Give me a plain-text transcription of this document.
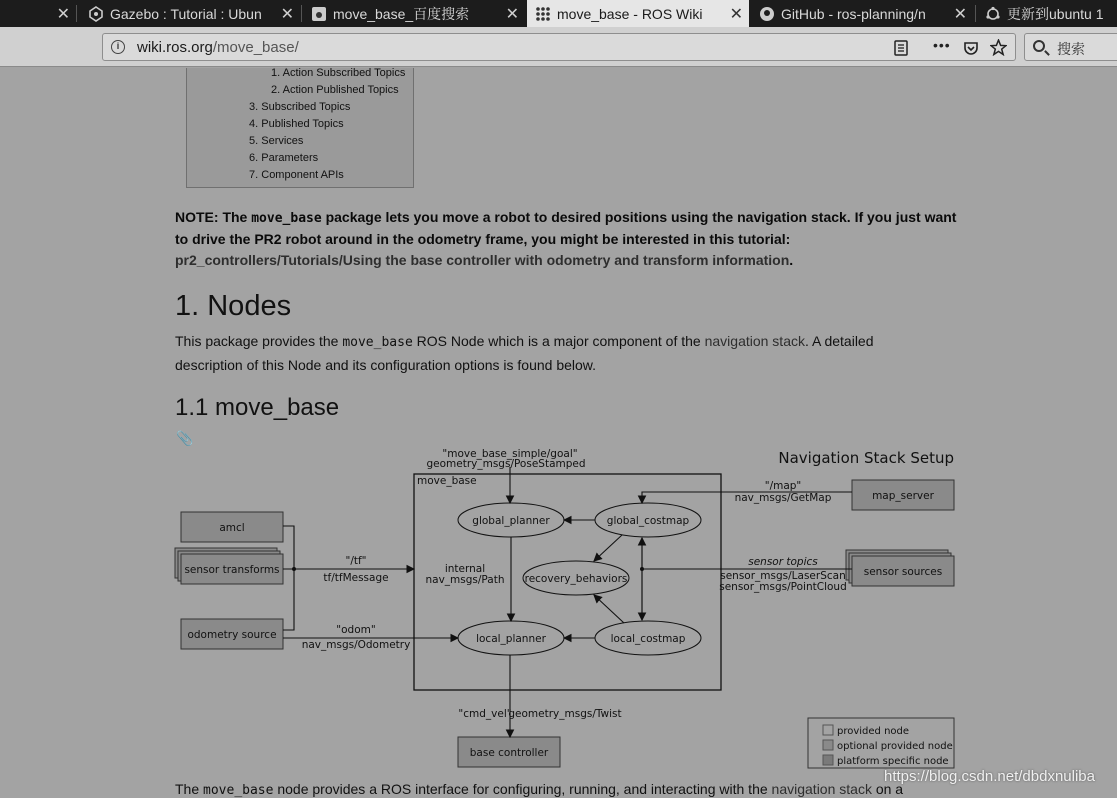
✕	Gazebo : Tutorial : Ubun	✕	move_base_百度搜索	✕	move_base - ROS Wiki	✕	GitHub - ros-planning/n	✕	更新到ubuntu 1
i	wiki.ros.org/move_base/	•••	搜索
1. Action Subscribed Topics
2. Action Published Topics
3. Subscribed Topics
4. Published Topics
5. Services
6. Parameters
7. Component APIs
NOTE: The move_base package lets you move a robot to desired positions using the navigation stack. If you just want to drive the PR2 robot around in the odometry frame, you might be interested in this tutorial: pr2_controllers/Tutorials/Using the base controller with odometry and transform information.
1. Nodes
This package provides the move_base ROS Node which is a major component of the navigation stack. A detailed description of this Node and its configuration options is found below.
1.1 move_base
📎
Navigation Stack Setup
"move_base_simple/goal"
geometry_msgs/PoseStamped
move_base
global_planner	global_costmap
recovery_behaviors
local_planner	local_costmap
internal
nav_msgs/Path
amcl
sensor transforms
odometry source
map_server
sensor sources
base controller
"/tf"
tf/tfMessage
"odom"
nav_msgs/Odometry
"/map"
nav_msgs/GetMap
sensor topics
sensor_msgs/LaserScan
sensor_msgs/PointCloud
"cmd_vel"
geometry_msgs/Twist
provided node
optional provided node
platform specific node
The move_base node provides a ROS interface for configuring, running, and interacting with the navigation stack on a
https://blog.csdn.net/dbdxnuliba
